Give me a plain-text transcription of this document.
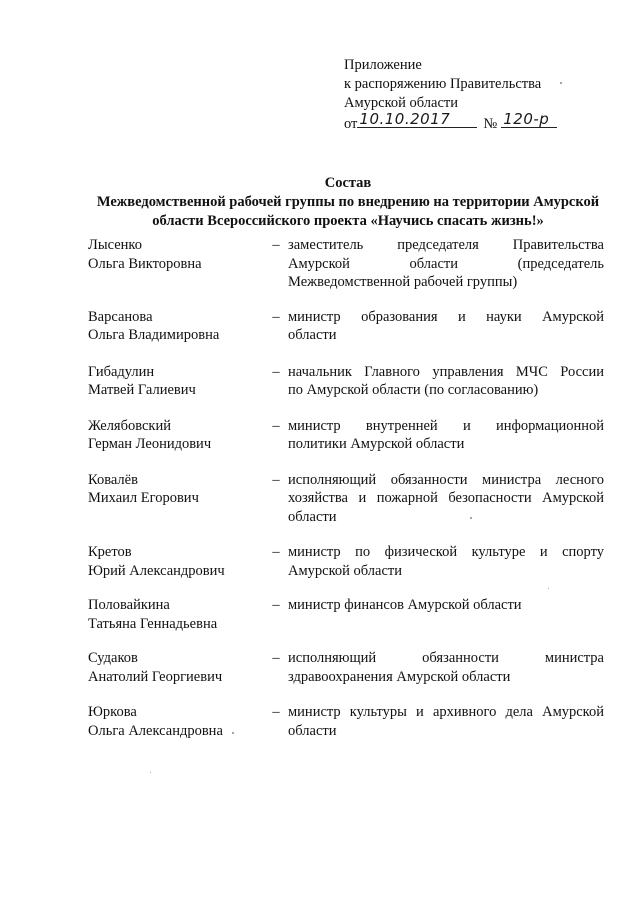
Приложение
к распоряжению Правительства
Амурской области
от 10.10.2017 № 120-р
Состав
Межведомственной рабочей группы по внедрению на территории Амурской
области Всероссийского проекта «Научись спасать жизнь!»
Лысенко
Ольга Викторовна
– заместитель председателя Правительства
Амурской области (председатель
Межведомственной рабочей группы)
Варсанова
Ольга Владимировна
– министр образования и науки Амурской
области
Гибадулин
Матвей Галиевич
– начальник Главного управления МЧС России
по Амурской области (по согласованию)
Желябовский
Герман Леонидович
– министр внутренней и информационной
политики Амурской области
Ковалёв
Михаил Егорович
– исполняющий обязанности министра лесного
хозяйства и пожарной безопасности Амурской
области
Кретов
Юрий Александрович
– министр по физической культуре и спорту
Амурской области
Половайкина
Татьяна Геннадьевна
– министр финансов Амурской области
Судаков
Анатолий Георгиевич
– исполняющий обязанности министра
здравоохранения Амурской области
Юркова
Ольга Александровна
– министр культуры и архивного дела Амурской
области
